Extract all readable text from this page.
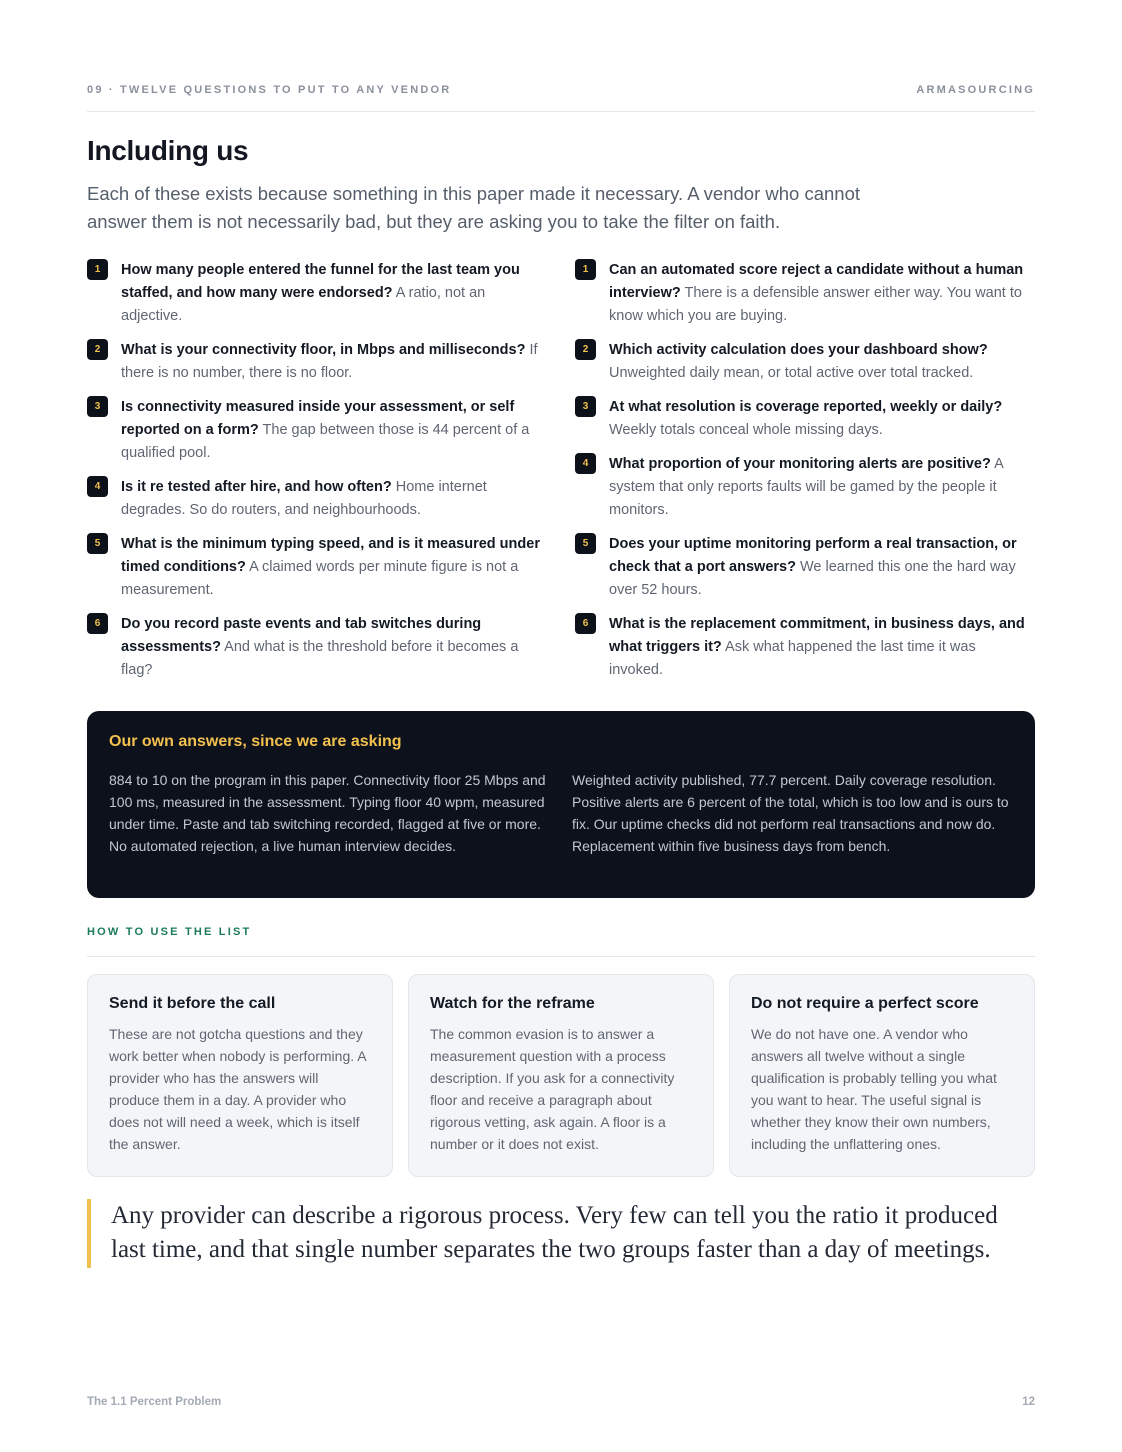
09 · TWELVE QUESTIONS TO PUT TO ANY VENDOR	ARMASOURCING
Including us

Each of these exists because something in this paper made it necessary. A vendor who cannot answer them is not necessarily bad, but they are asking you to take the filter on faith.

1	How many people entered the funnel for the last team you staffed, and how many were endorsed? A ratio, not an adjective.
2	What is your connectivity floor, in Mbps and milliseconds? If there is no number, there is no floor.
3	Is connectivity measured inside your assessment, or self reported on a form? The gap between those is 44 percent of a qualified pool.
4	Is it re tested after hire, and how often? Home internet degrades. So do routers, and neighbourhoods.
5	What is the minimum typing speed, and is it measured under timed conditions? A claimed words per minute figure is not a measurement.
6	Do you record paste events and tab switches during assessments? And what is the threshold before it becomes a flag?
1	Can an automated score reject a candidate without a human interview? There is a defensible answer either way. You want to know which you are buying.
2	Which activity calculation does your dashboard show? Unweighted daily mean, or total active over total tracked.
3	At what resolution is coverage reported, weekly or daily? Weekly totals conceal whole missing days.
4	What proportion of your monitoring alerts are positive? A system that only reports faults will be gamed by the people it monitors.
5	Does your uptime monitoring perform a real transaction, or check that a port answers? We learned this one the hard way over 52 hours.
6	What is the replacement commitment, in business days, and what triggers it? Ask what happened the last time it was invoked.
Our own answers, since we are asking

884 to 10 on the program in this paper. Connectivity floor 25 Mbps and 100 ms, measured in the assessment. Typing floor 40 wpm, measured under time. Paste and tab switching recorded, flagged at five or more. No automated rejection, a live human interview decides.

Weighted activity published, 77.7 percent. Daily coverage resolution. Positive alerts are 6 percent of the total, which is too low and is ours to fix. Our uptime checks did not perform real transactions and now do. Replacement within five business days from bench.

HOW TO USE THE LIST
Send it before the call

These are not gotcha questions and they work better when nobody is performing. A provider who has the answers will produce them in a day. A provider who does not will need a week, which is itself the answer.

Watch for the reframe

The common evasion is to answer a measurement question with a process description. If you ask for a connectivity floor and receive a paragraph about rigorous vetting, ask again. A floor is a number or it does not exist.

Do not require a perfect score

We do not have one. A vendor who answers all twelve without a single qualification is probably telling you what you want to hear. The useful signal is whether they know their own numbers, including the unflattering ones.

Any provider can describe a rigorous process. Very few can tell you the ratio it produced last time, and that single number separates the two groups faster than a day of meetings.
The 1.1 Percent Problem	12
